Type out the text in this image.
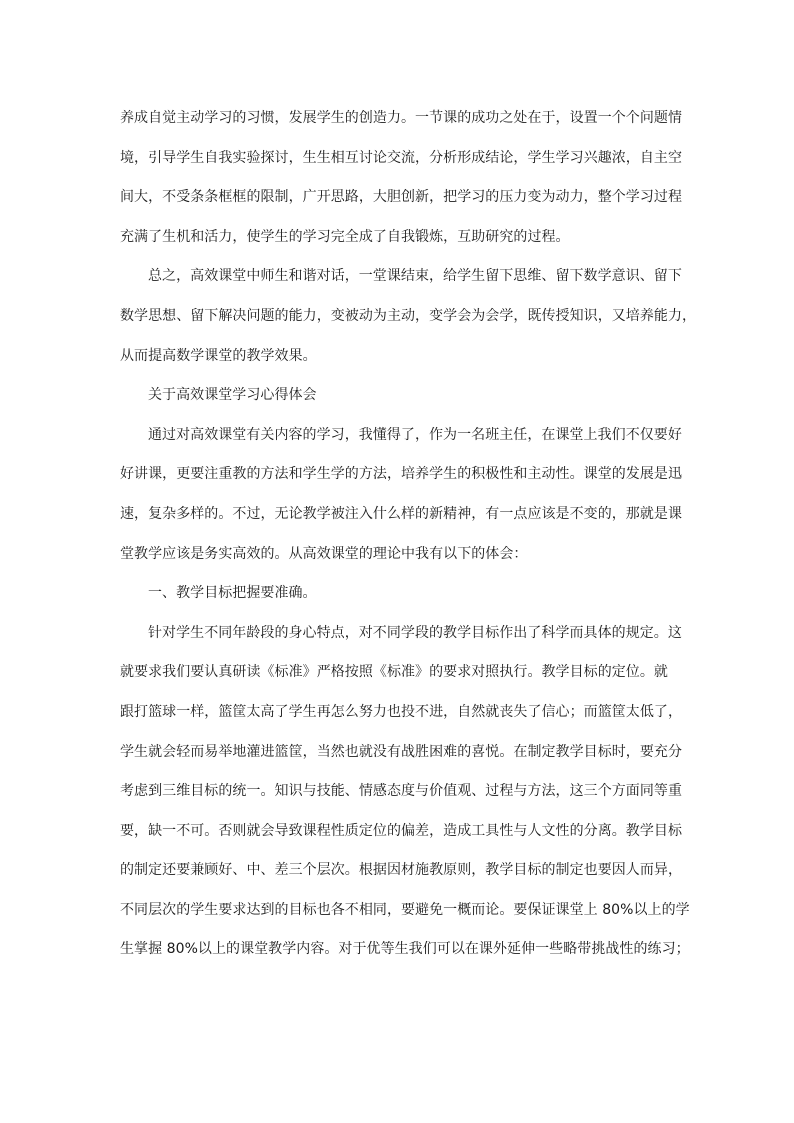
养成自觉主动学习的习惯，发展学生的创造力。一节课的成功之处在于，设置一个个问题情
境，引导学生自我实验探讨，生生相互讨论交流，分析形成结论，学生学习兴趣浓，自主空
间大，不受条条框框的限制，广开思路，大胆创新，把学习的压力变为动力，整个学习过程
充满了生机和活力，使学生的学习完全成了自我锻炼，互助研究的过程。
总之，高效课堂中师生和谐对话，一堂课结束，给学生留下思维、留下数学意识、留下
数学思想、留下解决问题的能力，变被动为主动，变学会为会学，既传授知识，又培养能力，
从而提高数学课堂的教学效果。
关于高效课堂学习心得体会
通过对高效课堂有关内容的学习，我懂得了，作为一名班主任，在课堂上我们不仅要好
好讲课，更要注重教的方法和学生学的方法，培养学生的积极性和主动性。课堂的发展是迅
速，复杂多样的。不过，无论教学被注入什么样的新精神，有一点应该是不变的，那就是课
堂教学应该是务实高效的。从高效课堂的理论中我有以下的体会：
一、教学目标把握要准确。
针对学生不同年龄段的身心特点，对不同学段的教学目标作出了科学而具体的规定。这
就要求我们要认真研读《标准》严格按照《标准》的要求对照执行。教学目标的定位。就
跟打篮球一样，篮筐太高了学生再怎么努力也投不进，自然就丧失了信心；而篮筐太低了，
学生就会轻而易举地灌进篮筐，当然也就没有战胜困难的喜悦。在制定教学目标时，要充分
考虑到三维目标的统一。知识与技能、情感态度与价值观、过程与方法，这三个方面同等重
要，缺一不可。否则就会导致课程性质定位的偏差，造成工具性与人文性的分离。教学目标
的制定还要兼顾好、中、差三个层次。根据因材施教原则，教学目标的制定也要因人而异，
不同层次的学生要求达到的目标也各不相同，要避免一概而论。要保证课堂上 80%以上的学
生掌握 80%以上的课堂教学内容。对于优等生我们可以在课外延伸一些略带挑战性的练习；
